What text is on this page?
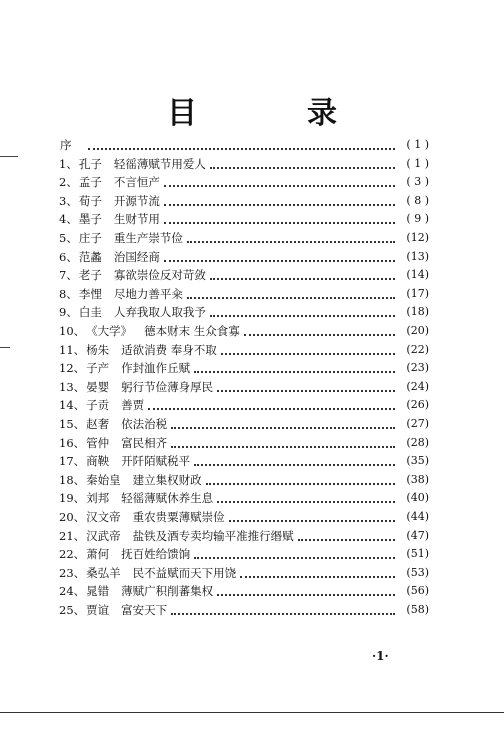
目　录
序	( 1 )
1、 孔子 轻徭薄赋节用爱人	( 1 )
2、 孟子 不言恒产	( 3 )
3、 荀子 开源节流	( 8 )
4、 墨子 生财节用	( 9 )
5、 庄子 重生产崇节俭	(12)
6、 范蠡 治国经商	(13)
7、 老子 寡欲崇俭反对苛敛	(14)
8、 李悝 尽地力善平籴	(17)
9、 白圭 人弃我取人取我予	(18)
10、 《大学》 德本财末 生众食寡	(20)
11、 杨朱 适欲消费 奉身不取	(22)
12、 子产 作封洫作丘赋	(23)
13、 晏婴 躬行节俭薄身厚民	(24)
14、 子贡 善贾	(26)
15、 赵奢 依法治税	(27)
16、 管仲 富民相齐	(28)
17、 商鞅 开阡陌赋税平	(35)
18、 秦始皇 建立集权财政	(38)
19、 刘邦 轻徭薄赋休养生息	(40)
20、 汉文帝 重农贵粟薄赋崇俭	(44)
21、 汉武帝 盐铁及酒专卖均输平准推行缗赋	(47)
22、 萧何 抚百姓给馈饷	(51)
23、 桑弘羊 民不益赋而天下用饶	(53)
24、 晁错 薄赋广积削蕃集权	(56)
25、 贾谊 富安天下	(58)
·1·
